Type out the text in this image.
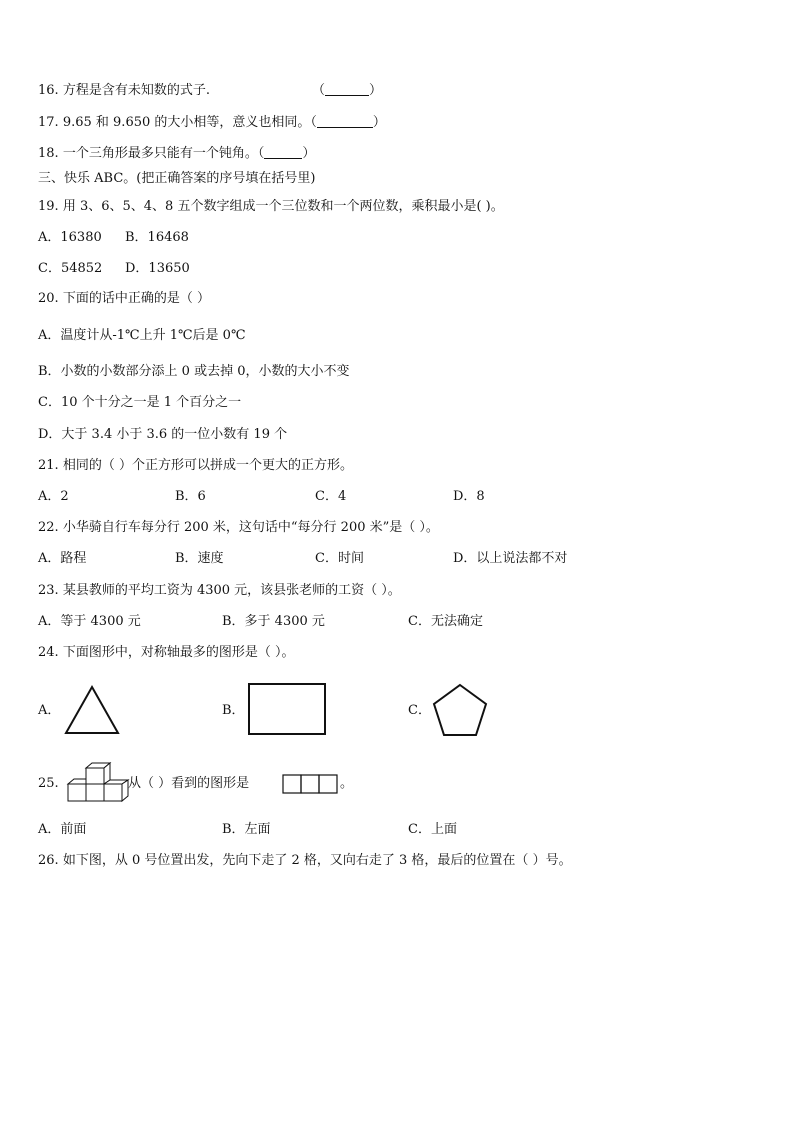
16. 方程是含有未知数的式子.	（	）
17. 9.65 和 9.650 的大小相等，意义也相同。（	）
18. 一个三角形最多只能有一个钝角。（	）
三、快乐 ABC。(把正确答案的序号填在括号里)
19. 用 3、6、5、4、8 五个数字组成一个三位数和一个两位数，乘积最小是( )。
A．16380 B．16468
C．54852 D．13650
20. 下面的话中正确的是（ ）
A．温度计从-1℃上升 1℃后是 0℃
B．小数的小数部分添上 0 或去掉 0，小数的大小不变
C．10 个十分之一是 1 个百分之一
D．大于 3.4 小于 3.6 的一位小数有 19 个
21. 相同的（ ）个正方形可以拼成一个更大的正方形。
A．2	B．6	C．4	D．8
22. 小华骑自行车每分行 200 米，这句话中“每分行 200 米”是（ ）。
A．路程	B．速度	C．时间	D．以上说法都不对
23. 某县教师的平均工资为 4300 元，该县张老师的工资（ ）。
A．等于 4300 元	B．多于 4300 元	C．无法确定
24. 下面图形中，对称轴最多的图形是（ ）。
A．	B．	C．
25.	从（ ）看到的图形是	。
A．前面	B．左面	C．上面
26. 如下图，从 0 号位置出发，先向下走了 2 格，又向右走了 3 格，最后的位置在（ ）号。
